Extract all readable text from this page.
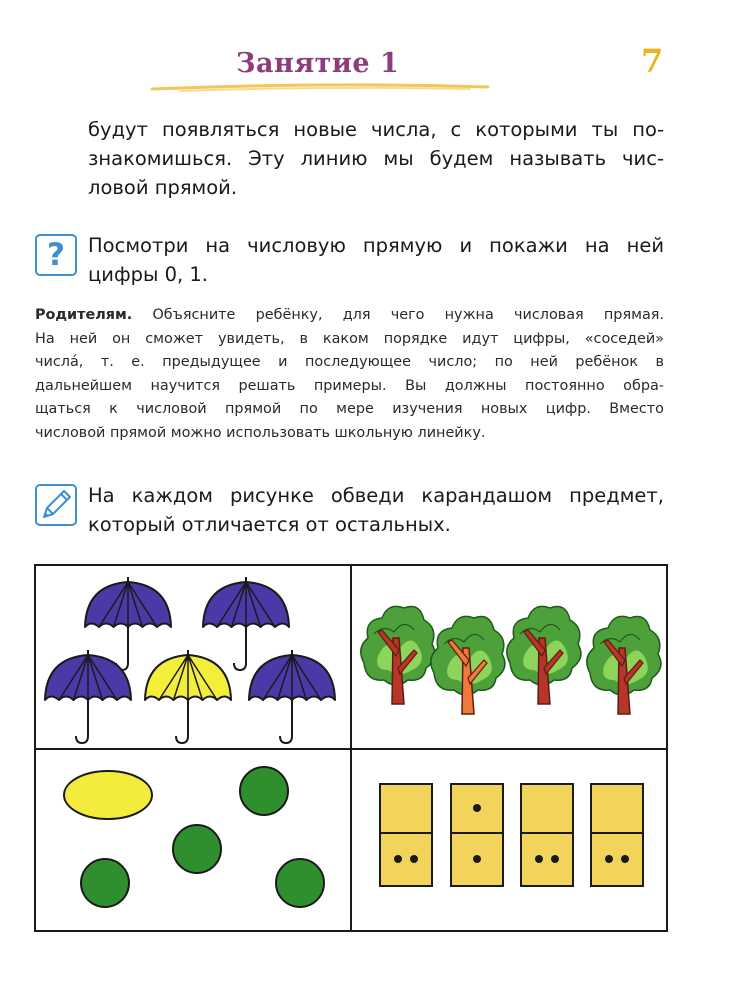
Занятие 1	7
будут появляться новые числа, с которыми ты по-
знакомишься. Эту линию мы будем называть чис-
ловой прямой.
?	Посмотри на числовую прямую и покажи на ней
цифры 0, 1.
Родителям. Объясните ребёнку, для чего нужна числовая прямая.
На ней он сможет увидеть, в каком порядке идут цифры, «соседей»
числа́, т. е. предыдущее и последующее число; по ней ребёнок в
дальнейшем научится решать примеры. Вы должны постоянно обра-
щаться к числовой прямой по мере изучения новых цифр. Вместо
числовой прямой можно использовать школьную линейку.
На каждом рисунке обведи карандашом предмет,
который отличается от остальных.
